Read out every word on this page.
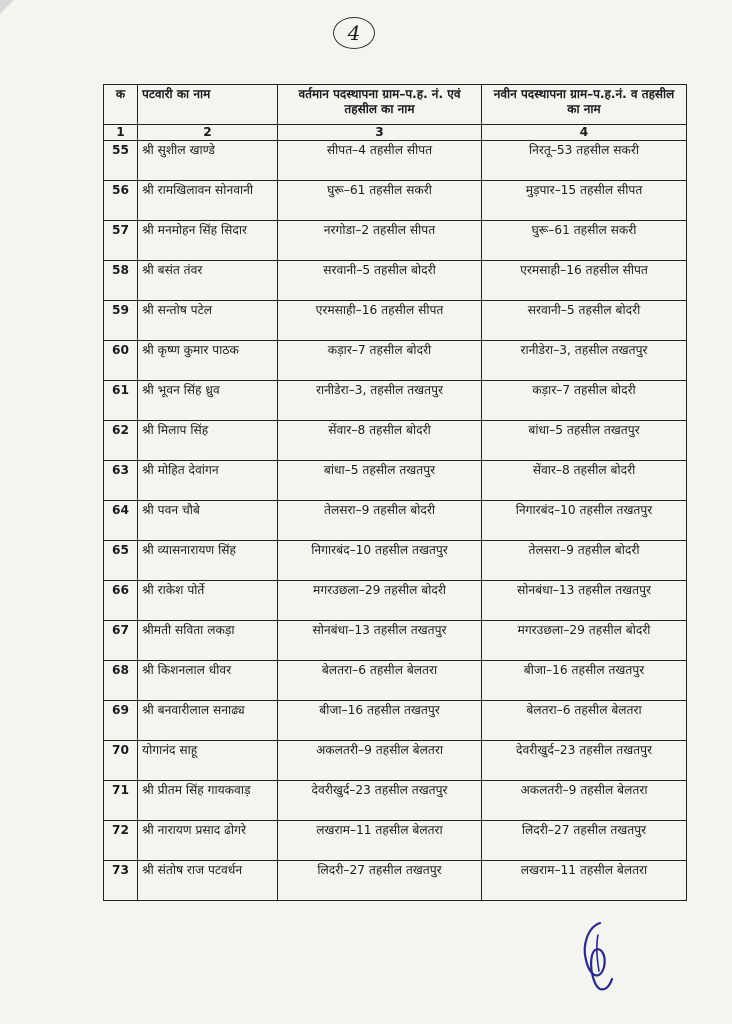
4
क	पटवारी का नाम	वर्तमान पदस्थापना ग्राम–प.ह. नं. एवं तहसील का नाम	नवीन पदस्थापना ग्राम–प.ह.नं. व तहसील का नाम
1	2	3	4
55	श्री सुशील खाण्डे	सीपत–4 तहसील सीपत	निरतू–53 तहसील सकरी
56	श्री रामखिलावन सोनवानी	घुरू–61 तहसील सकरी	मुड़पार–15 तहसील सीपत
57	श्री मनमोहन सिंह सिदार	नरगोडा–2 तहसील सीपत	घुरू–61 तहसील सकरी
58	श्री बसंत तंवर	सरवानी–5 तहसील बोदरी	एरमसाही–16 तहसील सीपत
59	श्री सन्तोष पटेल	एरमसाही–16 तहसील सीपत	सरवानी–5 तहसील बोदरी
60	श्री कृष्ण कुमार पाठक	कड़ार–7 तहसील बोदरी	रानीडेरा–3, तहसील तखतपुर
61	श्री भूवन सिंह ध्रुव	रानीडेरा–3, तहसील तखतपुर	कड़ार–7 तहसील बोदरी
62	श्री मिलाप सिंह	सेंवार–8 तहसील बोदरी	बांधा–5 तहसील तखतपुर
63	श्री मोहित देवांगन	बांधा–5 तहसील तखतपुर	सेंवार–8 तहसील बोदरी
64	श्री पवन चौबे	तेलसरा–9 तहसील बोदरी	निगारबंद–10 तहसील तखतपुर
65	श्री व्यासनारायण सिंह	निगारबंद–10 तहसील तखतपुर	तेलसरा–9 तहसील बोदरी
66	श्री राकेश पोर्ते	मगरउछला–29 तहसील बोदरी	सोनबंधा–13 तहसील तखतपुर
67	श्रीमती सविता लकड़ा	सोनबंधा–13 तहसील तखतपुर	मगरउछला–29 तहसील बोदरी
68	श्री किशनलाल धीवर	बेलतरा–6 तहसील बेलतरा	बीजा–16 तहसील तखतपुर
69	श्री बनवारीलाल सनाढ्य	बीजा–16 तहसील तखतपुर	बेलतरा–6 तहसील बेलतरा
70	योगानंद साहू	अकलतरी–9 तहसील बेलतरा	देवरीखुर्द–23 तहसील तखतपुर
71	श्री प्रीतम सिंह गायकवाड़	देवरीखुर्द–23 तहसील तखतपुर	अकलतरी–9 तहसील बेलतरा
72	श्री नारायण प्रसाद ढोगरे	लखराम–11 तहसील बेलतरा	लिदरी–27 तहसील तखतपुर
73	श्री संतोष राज पटवर्धन	लिदरी–27 तहसील तखतपुर	लखराम–11 तहसील बेलतरा
